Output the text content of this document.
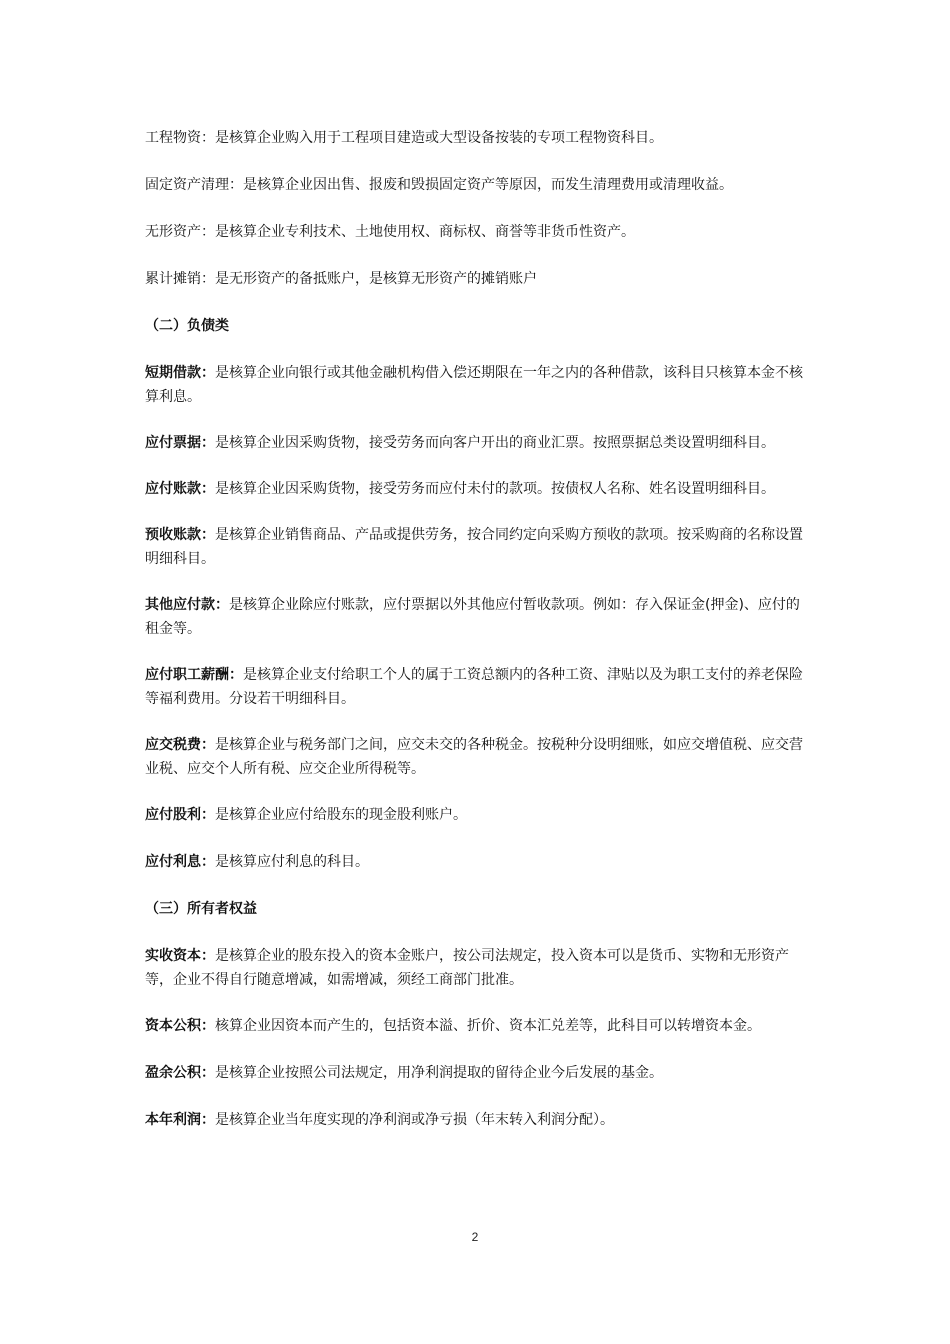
工程物资：是核算企业购入用于工程项目建造或大型设备按装的专项工程物资科目。

固定资产清理：是核算企业因出售、报废和毁损固定资产等原因，而发生清理费用或清理收益。

无形资产：是核算企业专利技术、土地使用权、商标权、商誉等非货币性资产。

累计摊销：是无形资产的备抵账户，是核算无形资产的摊销账户

（二）负债类

短期借款：是核算企业向银行或其他金融机构借入偿还期限在一年之内的各种借款，该科目只核算本金不核算利息。

应付票据：是核算企业因采购货物，接受劳务而向客户开出的商业汇票。按照票据总类设置明细科目。

应付账款：是核算企业因采购货物，接受劳务而应付未付的款项。按债权人名称、姓名设置明细科目。

预收账款：是核算企业销售商品、产品或提供劳务，按合同约定向采购方预收的款项。按采购商的名称设置明细科目。

其他应付款：是核算企业除应付账款，应付票据以外其他应付暂收款项。例如：存入保证金(押金)、应付的租金等。

应付职工薪酬：是核算企业支付给职工个人的属于工资总额内的各种工资、津贴以及为职工支付的养老保险等福利费用。分设若干明细科目。

应交税费：是核算企业与税务部门之间，应交未交的各种税金。按税种分设明细账，如应交增值税、应交营业税、应交个人所有税、应交企业所得税等。

应付股利：是核算企业应付给股东的现金股利账户。

应付利息：是核算应付利息的科目。

（三）所有者权益

实收资本：是核算企业的股东投入的资本金账户，按公司法规定，投入资本可以是货币、实物和无形资产等，企业不得自行随意增减，如需增减，须经工商部门批准。

资本公积：核算企业因资本而产生的，包括资本溢、折价、资本汇兑差等，此科目可以转增资本金。

盈余公积：是核算企业按照公司法规定，用净利润提取的留待企业今后发展的基金。

本年利润：是核算企业当年度实现的净利润或净亏损（年末转入利润分配）。

2
